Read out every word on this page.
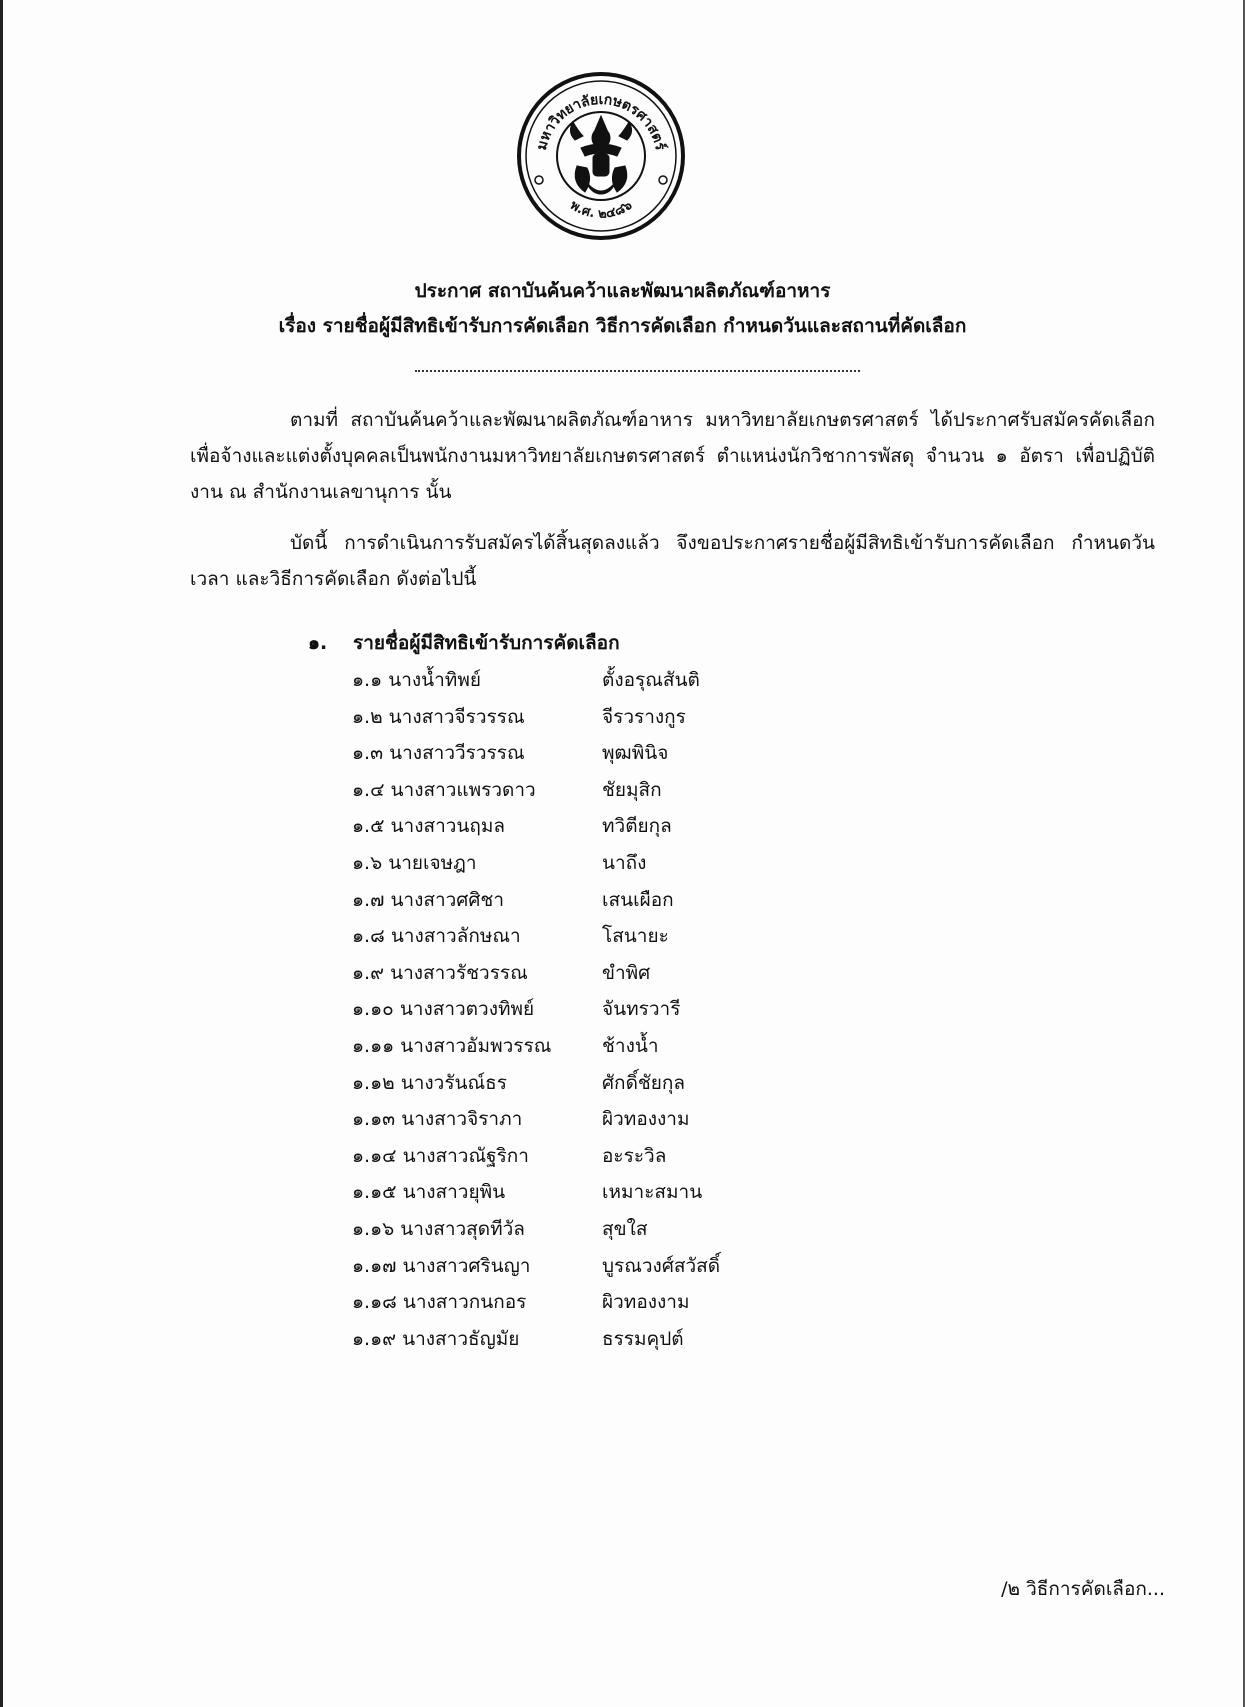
มหาวิทยาลัยเกษตรศาสตร์
พ.ศ. ๒๔๘๖
ประกาศ สถาบันค้นคว้าและพัฒนาผลิตภัณฑ์อาหาร
เรื่อง รายชื่อผู้มีสิทธิเข้ารับการคัดเลือก วิธีการคัดเลือก กำหนดวันและสถานที่คัดเลือก
ตามที่ สถาบันค้นคว้าและพัฒนาผลิตภัณฑ์อาหาร มหาวิทยาลัยเกษตรศาสตร์ ได้ประกาศรับสมัครคัดเลือกเพื่อจ้างและแต่งตั้งบุคคลเป็นพนักงานมหาวิทยาลัยเกษตรศาสตร์ ตำแหน่งนักวิชาการพัสดุ จำนวน ๑ อัตรา เพื่อปฏิบัติงาน ณ สำนักงานเลขานุการ นั้น
บัดนี้ การดำเนินการรับสมัครได้สิ้นสุดลงแล้ว จึงขอประกาศรายชื่อผู้มีสิทธิเข้ารับการคัดเลือก กำหนดวัน เวลา และวิธีการคัดเลือก ดังต่อไปนี้
๑. รายชื่อผู้มีสิทธิเข้ารับการคัดเลือก
๑.๑ นางน้ำทิพย์	ตั้งอรุณสันติ
๑.๒ นางสาวจีรวรรณ	จีรวรางกูร
๑.๓ นางสาววีรวรรณ	พุฒพินิจ
๑.๔ นางสาวแพรวดาว	ชัยมุสิก
๑.๕ นางสาวนฤมล	ทวิตียกุล
๑.๖ นายเจษฎา	นาถึง
๑.๗ นางสาวศศิชา	เสนเผือก
๑.๘ นางสาวลักษณา	โสนายะ
๑.๙ นางสาวรัชวรรณ	ขำพิศ
๑.๑๐ นางสาวตวงทิพย์	จันทรวารี
๑.๑๑ นางสาวอัมพวรรณ	ช้างน้ำ
๑.๑๒ นางวรันณ์ธร	ศักดิ์ชัยกุล
๑.๑๓ นางสาวจิราภา	ผิวทองงาม
๑.๑๔ นางสาวณัฐริกา	อะระวิล
๑.๑๕ นางสาวยุพิน	เหมาะสมาน
๑.๑๖ นางสาวสุดทีวัล	สุขใส
๑.๑๗ นางสาวศรินญา	บูรณวงศ์สวัสดิ์
๑.๑๘ นางสาวกนกอร	ผิวทองงาม
๑.๑๙ นางสาวธัญมัย	ธรรมคุปต์
/๒ วิธีการคัดเลือก...
